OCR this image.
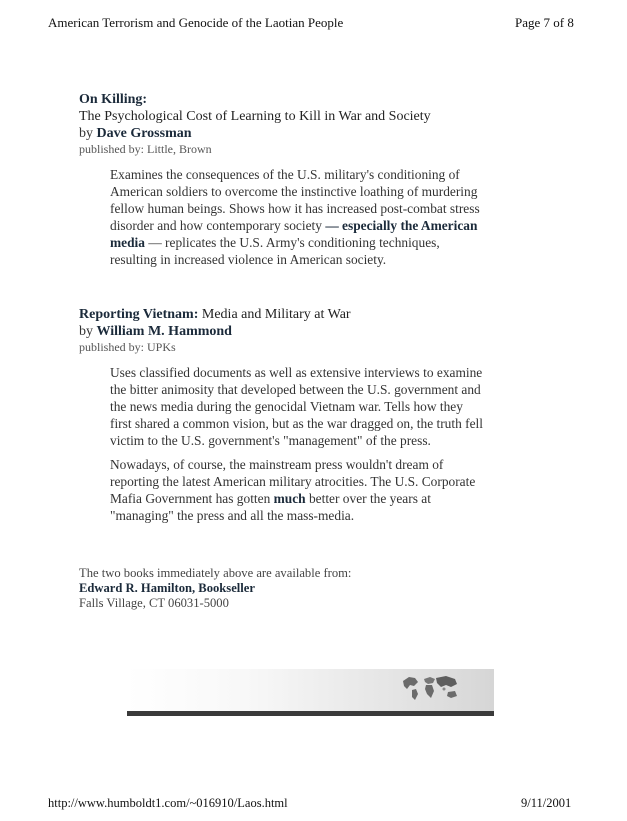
American Terrorism and Genocide of the Laotian People	Page 7 of 8
On Killing:
The Psychological Cost of Learning to Kill in War and Society
by Dave Grossman
published by: Little, Brown
Examines the consequences of the U.S. military's conditioning of
American soldiers to overcome the instinctive loathing of murdering
fellow human beings. Shows how it has increased post-combat stress
disorder and how contemporary society — especially the American
media — replicates the U.S. Army's conditioning techniques,
resulting in increased violence in American society.
Reporting Vietnam: Media and Military at War
by William M. Hammond
published by: UPKs
Uses classified documents as well as extensive interviews to examine
the bitter animosity that developed between the U.S. government and
the news media during the genocidal Vietnam war. Tells how they
first shared a common vision, but as the war dragged on, the truth fell
victim to the U.S. government's "management" of the press.
Nowadays, of course, the mainstream press wouldn't dream of
reporting the latest American military atrocities. The U.S. Corporate
Mafia Government has gotten much better over the years at
"managing" the press and all the mass-media.
The two books immediately above are available from:
Edward R. Hamilton, Bookseller
Falls Village, CT 06031-5000
http://www.humboldt1.com/~016910/Laos.html	9/11/2001
